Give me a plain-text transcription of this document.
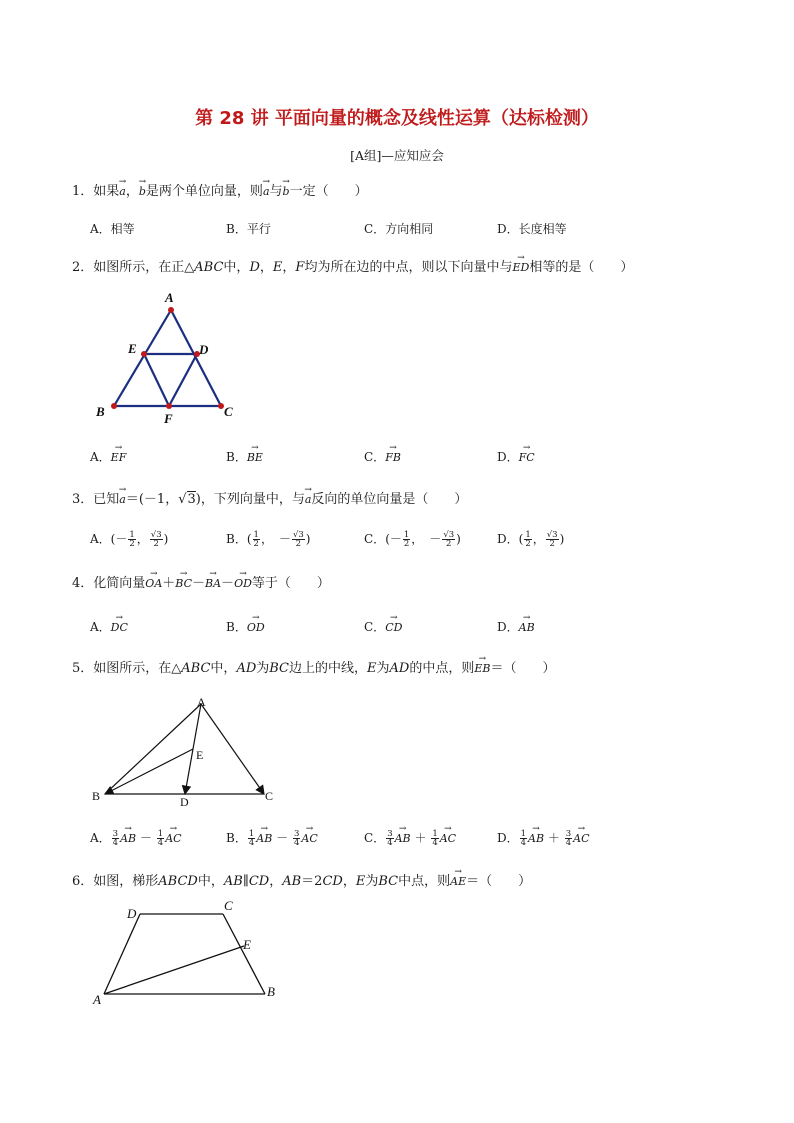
第 28 讲 平面向量的概念及线性运算（达标检测）
[A组]—应知应会
1．如果→ a，→ b是两个单位向量，则→ a与→ b一定（　　）
A．相等	B．平行	C．方向相同	D．长度相等
2．如图所示，在正△ABC中，D，E，F均为所在边的中点，则以下向量中与→ ED相等的是（　　）
A
B	C
D
E
F
A．→ EF	B．→ BE	C．→ FB	D．→ FC
3．已知→ a＝(－1，√3)，下列向量中，与→ a反向的单位向量是（　　）
A．(－ $\frac{1}{2}$ ， $\frac{√3}{2}$ )	B．( $\frac{1}{2}$ ，　－ $\frac{√3}{2}$ )	C．(－ $\frac{1}{2}$ ，　－ $\frac{√3}{2}$ )	D．( $\frac{1}{2}$ ， $\frac{√3}{2}$ )
4．化简向量→ OA＋→ BC－→ BA－→ OD等于（　　）
A．→ DC	B．→ OD	C．→ CD	D．→ AB
5．如图所示，在△ABC中，AD为BC边上的中线，E为AD的中点，则→ EB＝（　　）
A
B	C
D
E
A． $\frac{3}{4}$ → AB － $\frac{1}{4}$ → AC	B． $\frac{1}{4}$ → AB － $\frac{3}{4}$ → AC	C． $\frac{3}{4}$ → AB ＋ $\frac{1}{4}$ → AC	D． $\frac{1}{4}$ → AB ＋ $\frac{3}{4}$ → AC
6．如图，梯形ABCD中，AB∥CD，AB＝2CD，E为BC中点，则→ AE＝（　　）
A
B
C
D
E
